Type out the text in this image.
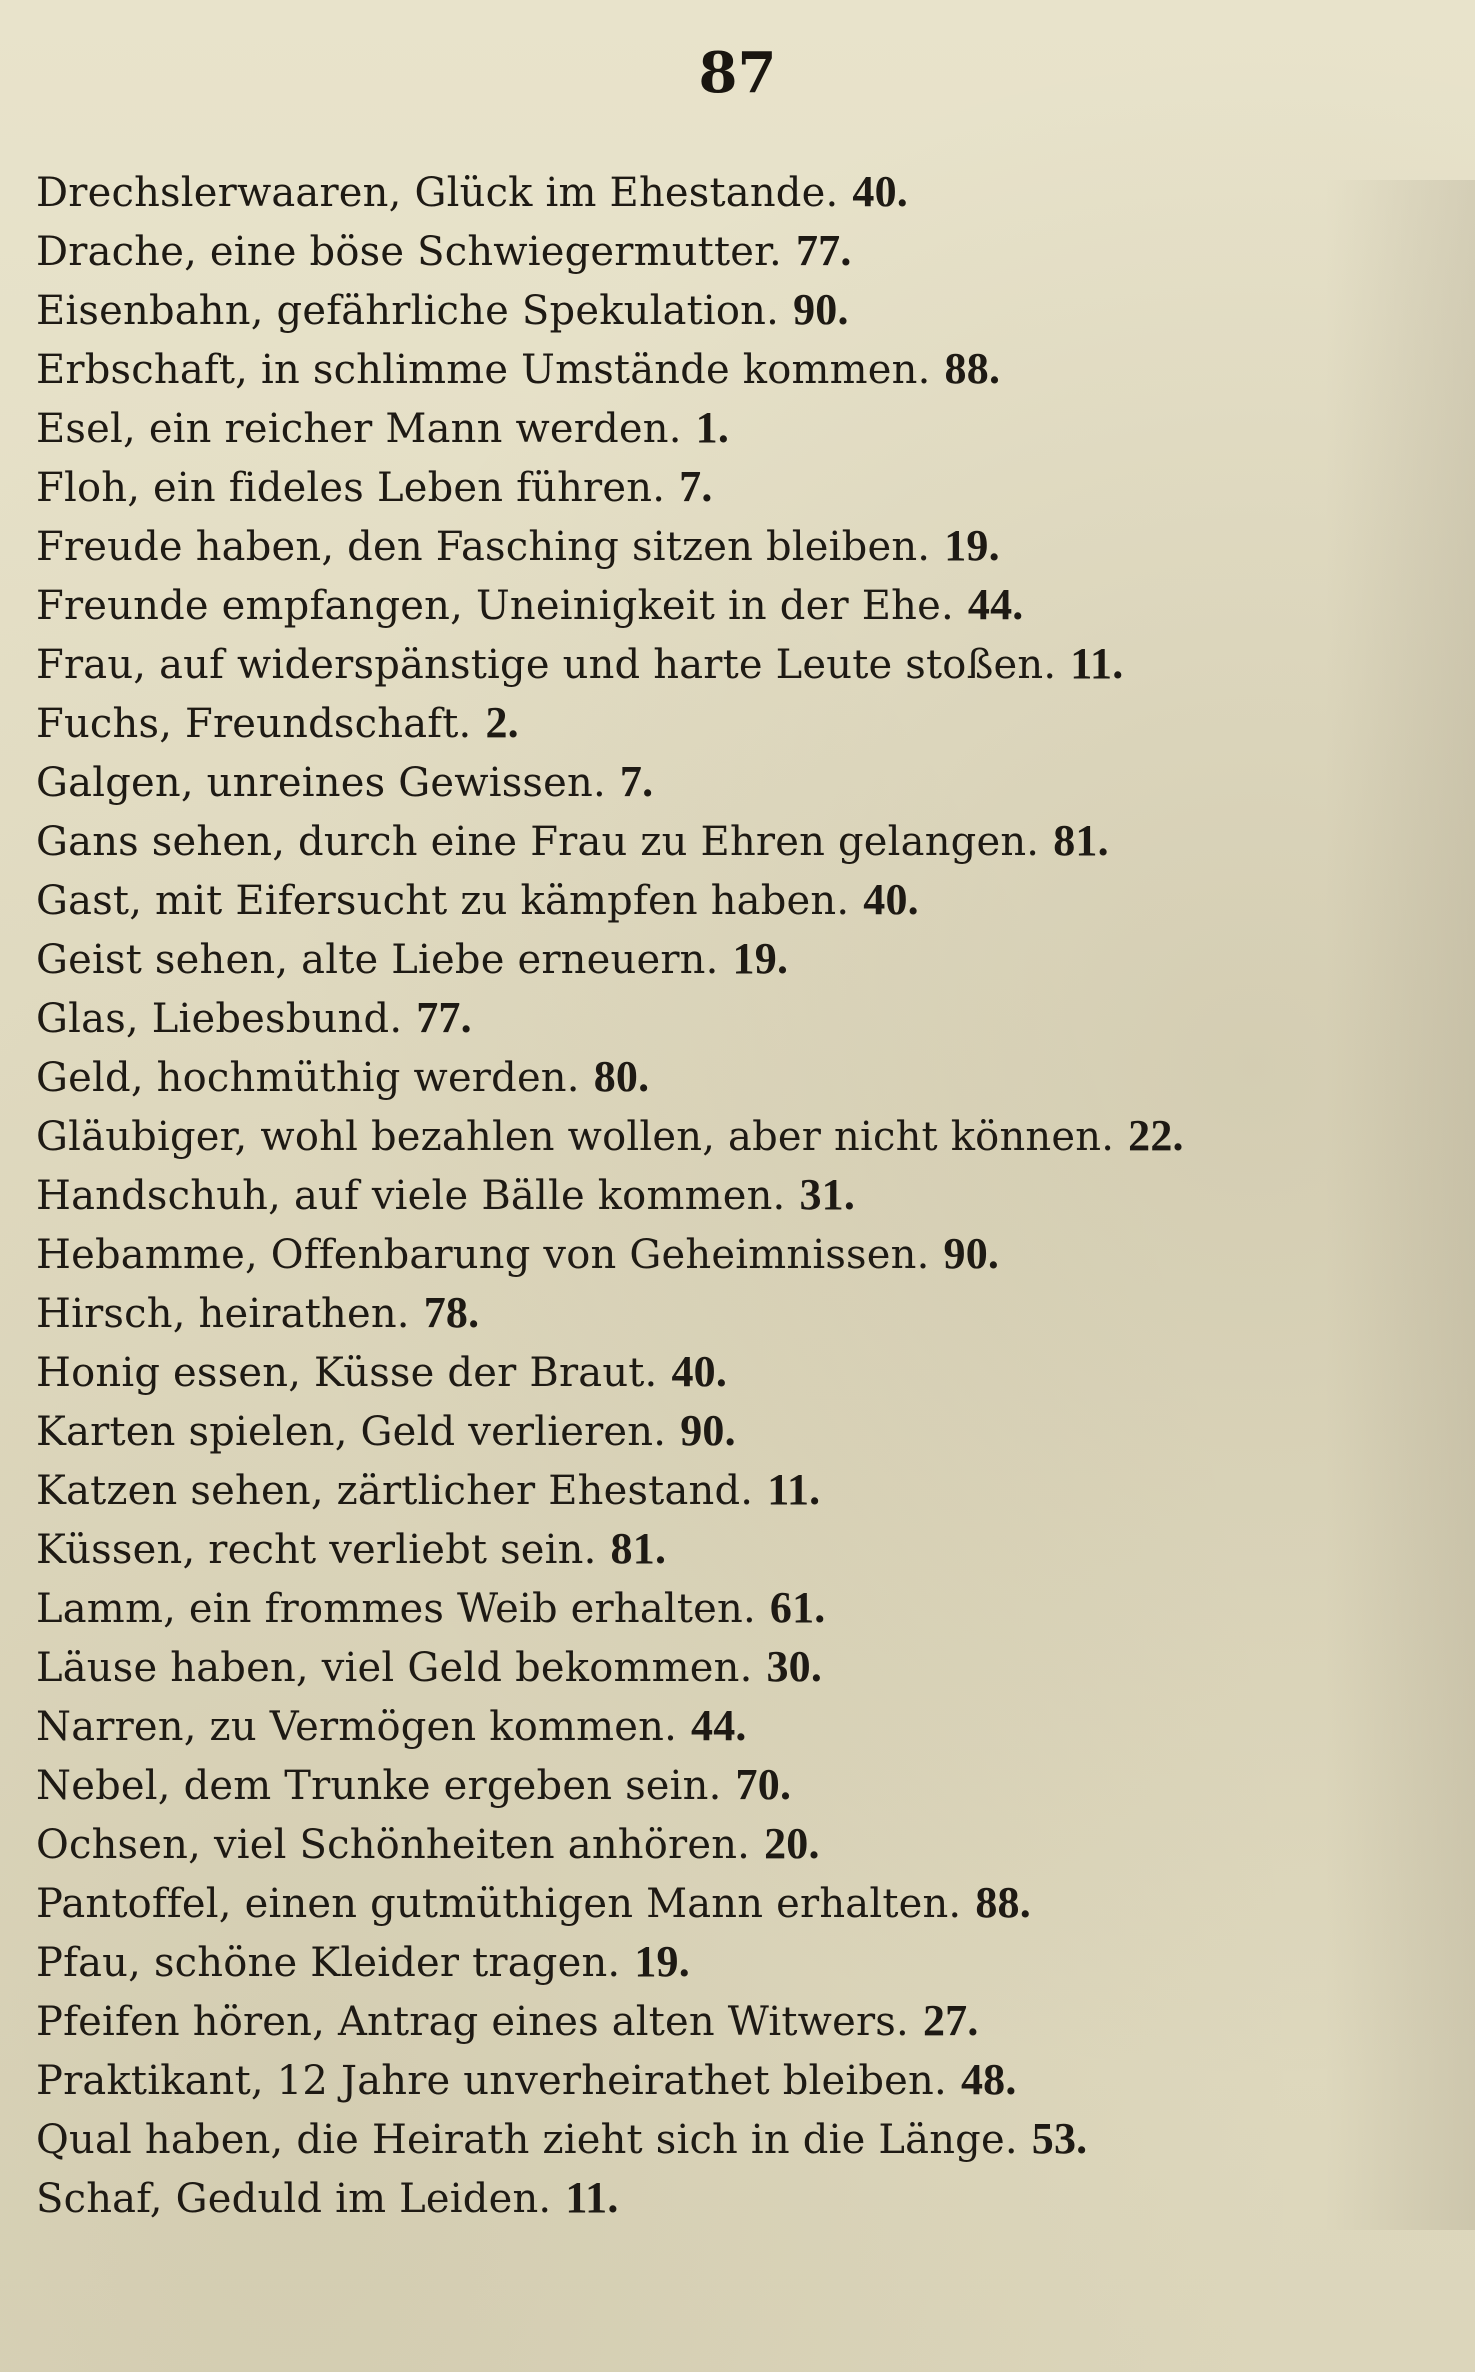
87
Drechslerwaaren, Glück im Ehestande. 40.
Drache, eine böse Schwiegermutter. 77.
Eisenbahn, gefährliche Spekulation. 90.
Erbschaft, in schlimme Umstände kommen. 88.
Esel, ein reicher Mann werden. 1.
Floh, ein fideles Leben führen. 7.
Freude haben, den Fasching sitzen bleiben. 19.
Freunde empfangen, Uneinigkeit in der Ehe. 44.
Frau, auf widerspänstige und harte Leute stoßen. 11.
Fuchs, Freundschaft. 2.
Galgen, unreines Gewissen. 7.
Gans sehen, durch eine Frau zu Ehren gelangen. 81.
Gast, mit Eifersucht zu kämpfen haben. 40.
Geist sehen, alte Liebe erneuern. 19.
Glas, Liebesbund. 77.
Geld, hochmüthig werden. 80.
Gläubiger, wohl bezahlen wollen, aber nicht können. 22.
Handschuh, auf viele Bälle kommen. 31.
Hebamme, Offenbarung von Geheimnissen. 90.
Hirsch, heirathen. 78.
Honig essen, Küsse der Braut. 40.
Karten spielen, Geld verlieren. 90.
Katzen sehen, zärtlicher Ehestand. 11.
Küssen, recht verliebt sein. 81.
Lamm, ein frommes Weib erhalten. 61.
Läuse haben, viel Geld bekommen. 30.
Narren, zu Vermögen kommen. 44.
Nebel, dem Trunke ergeben sein. 70.
Ochsen, viel Schönheiten anhören. 20.
Pantoffel, einen gutmüthigen Mann erhalten. 88.
Pfau, schöne Kleider tragen. 19.
Pfeifen hören, Antrag eines alten Witwers. 27.
Praktikant, 12 Jahre unverheirathet bleiben. 48.
Qual haben, die Heirath zieht sich in die Länge. 53.
Schaf, Geduld im Leiden. 11.
